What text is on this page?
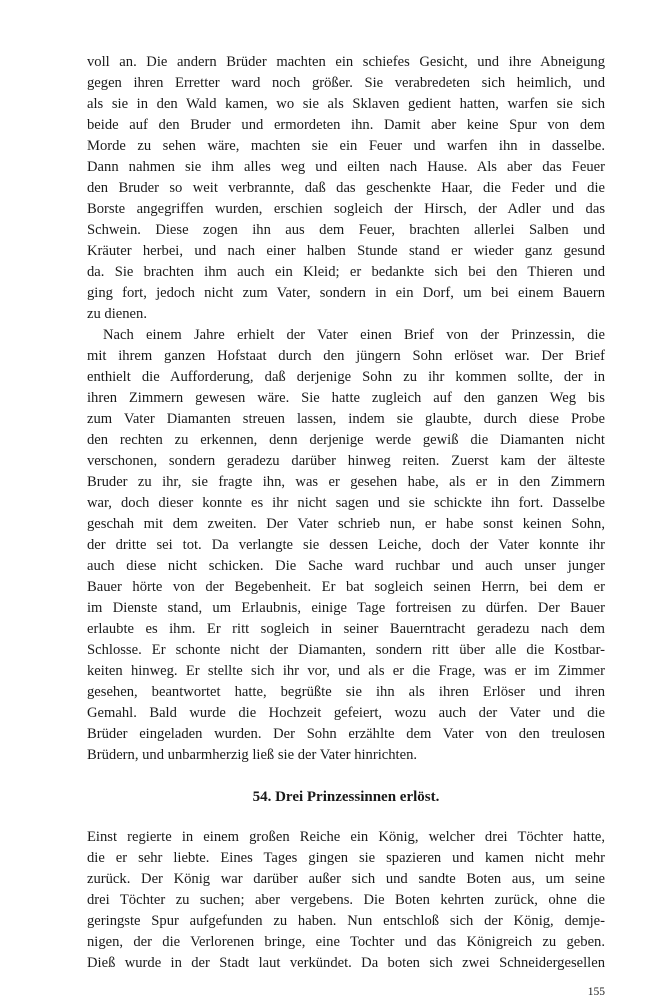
voll an. Die andern Brüder machten ein schiefes Gesicht, und ihre Abneigung
gegen ihren Erretter ward noch größer. Sie verabredeten sich heimlich, und
als sie in den Wald kamen, wo sie als Sklaven gedient hatten, warfen sie sich
beide auf den Bruder und ermordeten ihn. Damit aber keine Spur von dem
Morde zu sehen wäre, machten sie ein Feuer und warfen ihn in dasselbe.
Dann nahmen sie ihm alles weg und eilten nach Hause. Als aber das Feuer
den Bruder so weit verbrannte, daß das geschenkte Haar, die Feder und die
Borste angegriffen wurden, erschien sogleich der Hirsch, der Adler und das
Schwein. Diese zogen ihn aus dem Feuer, brachten allerlei Salben und
Kräuter herbei, und nach einer halben Stunde stand er wieder ganz gesund
da. Sie brachten ihm auch ein Kleid; er bedankte sich bei den Thieren und
ging fort, jedoch nicht zum Vater, sondern in ein Dorf, um bei einem Bauern
zu dienen.
Nach einem Jahre erhielt der Vater einen Brief von der Prinzessin, die
mit ihrem ganzen Hofstaat durch den jüngern Sohn erlöset war. Der Brief
enthielt die Aufforderung, daß derjenige Sohn zu ihr kommen sollte, der in
ihren Zimmern gewesen wäre. Sie hatte zugleich auf den ganzen Weg bis
zum Vater Diamanten streuen lassen, indem sie glaubte, durch diese Probe
den rechten zu erkennen, denn derjenige werde gewiß die Diamanten nicht
verschonen, sondern geradezu darüber hinweg reiten. Zuerst kam der älteste
Bruder zu ihr, sie fragte ihn, was er gesehen habe, als er in den Zimmern
war, doch dieser konnte es ihr nicht sagen und sie schickte ihn fort. Dasselbe
geschah mit dem zweiten. Der Vater schrieb nun, er habe sonst keinen Sohn,
der dritte sei tot. Da verlangte sie dessen Leiche, doch der Vater konnte ihr
auch diese nicht schicken. Die Sache ward ruchbar und auch unser junger
Bauer hörte von der Begebenheit. Er bat sogleich seinen Herrn, bei dem er
im Dienste stand, um Erlaubnis, einige Tage fortreisen zu dürfen. Der Bauer
erlaubte es ihm. Er ritt sogleich in seiner Bauerntracht geradezu nach dem
Schlosse. Er schonte nicht der Diamanten, sondern ritt über alle die Kostbar-
keiten hinweg. Er stellte sich ihr vor, und als er die Frage, was er im Zimmer
gesehen, beantwortet hatte, begrüßte sie ihn als ihren Erlöser und ihren
Gemahl. Bald wurde die Hochzeit gefeiert, wozu auch der Vater und die
Brüder eingeladen wurden. Der Sohn erzählte dem Vater von den treulosen
Brüdern, und unbarmherzig ließ sie der Vater hinrichten.
54. Drei Prinzessinnen erlöst.
Einst regierte in einem großen Reiche ein König, welcher drei Töchter hatte,
die er sehr liebte. Eines Tages gingen sie spazieren und kamen nicht mehr
zurück. Der König war darüber außer sich und sandte Boten aus, um seine
drei Töchter zu suchen; aber vergebens. Die Boten kehrten zurück, ohne die
geringste Spur aufgefunden zu haben. Nun entschloß sich der König, demje-
nigen, der die Verlorenen bringe, eine Tochter und das Königreich zu geben.
Dieß wurde in der Stadt laut verkündet. Da boten sich zwei Schneidergesellen
155
